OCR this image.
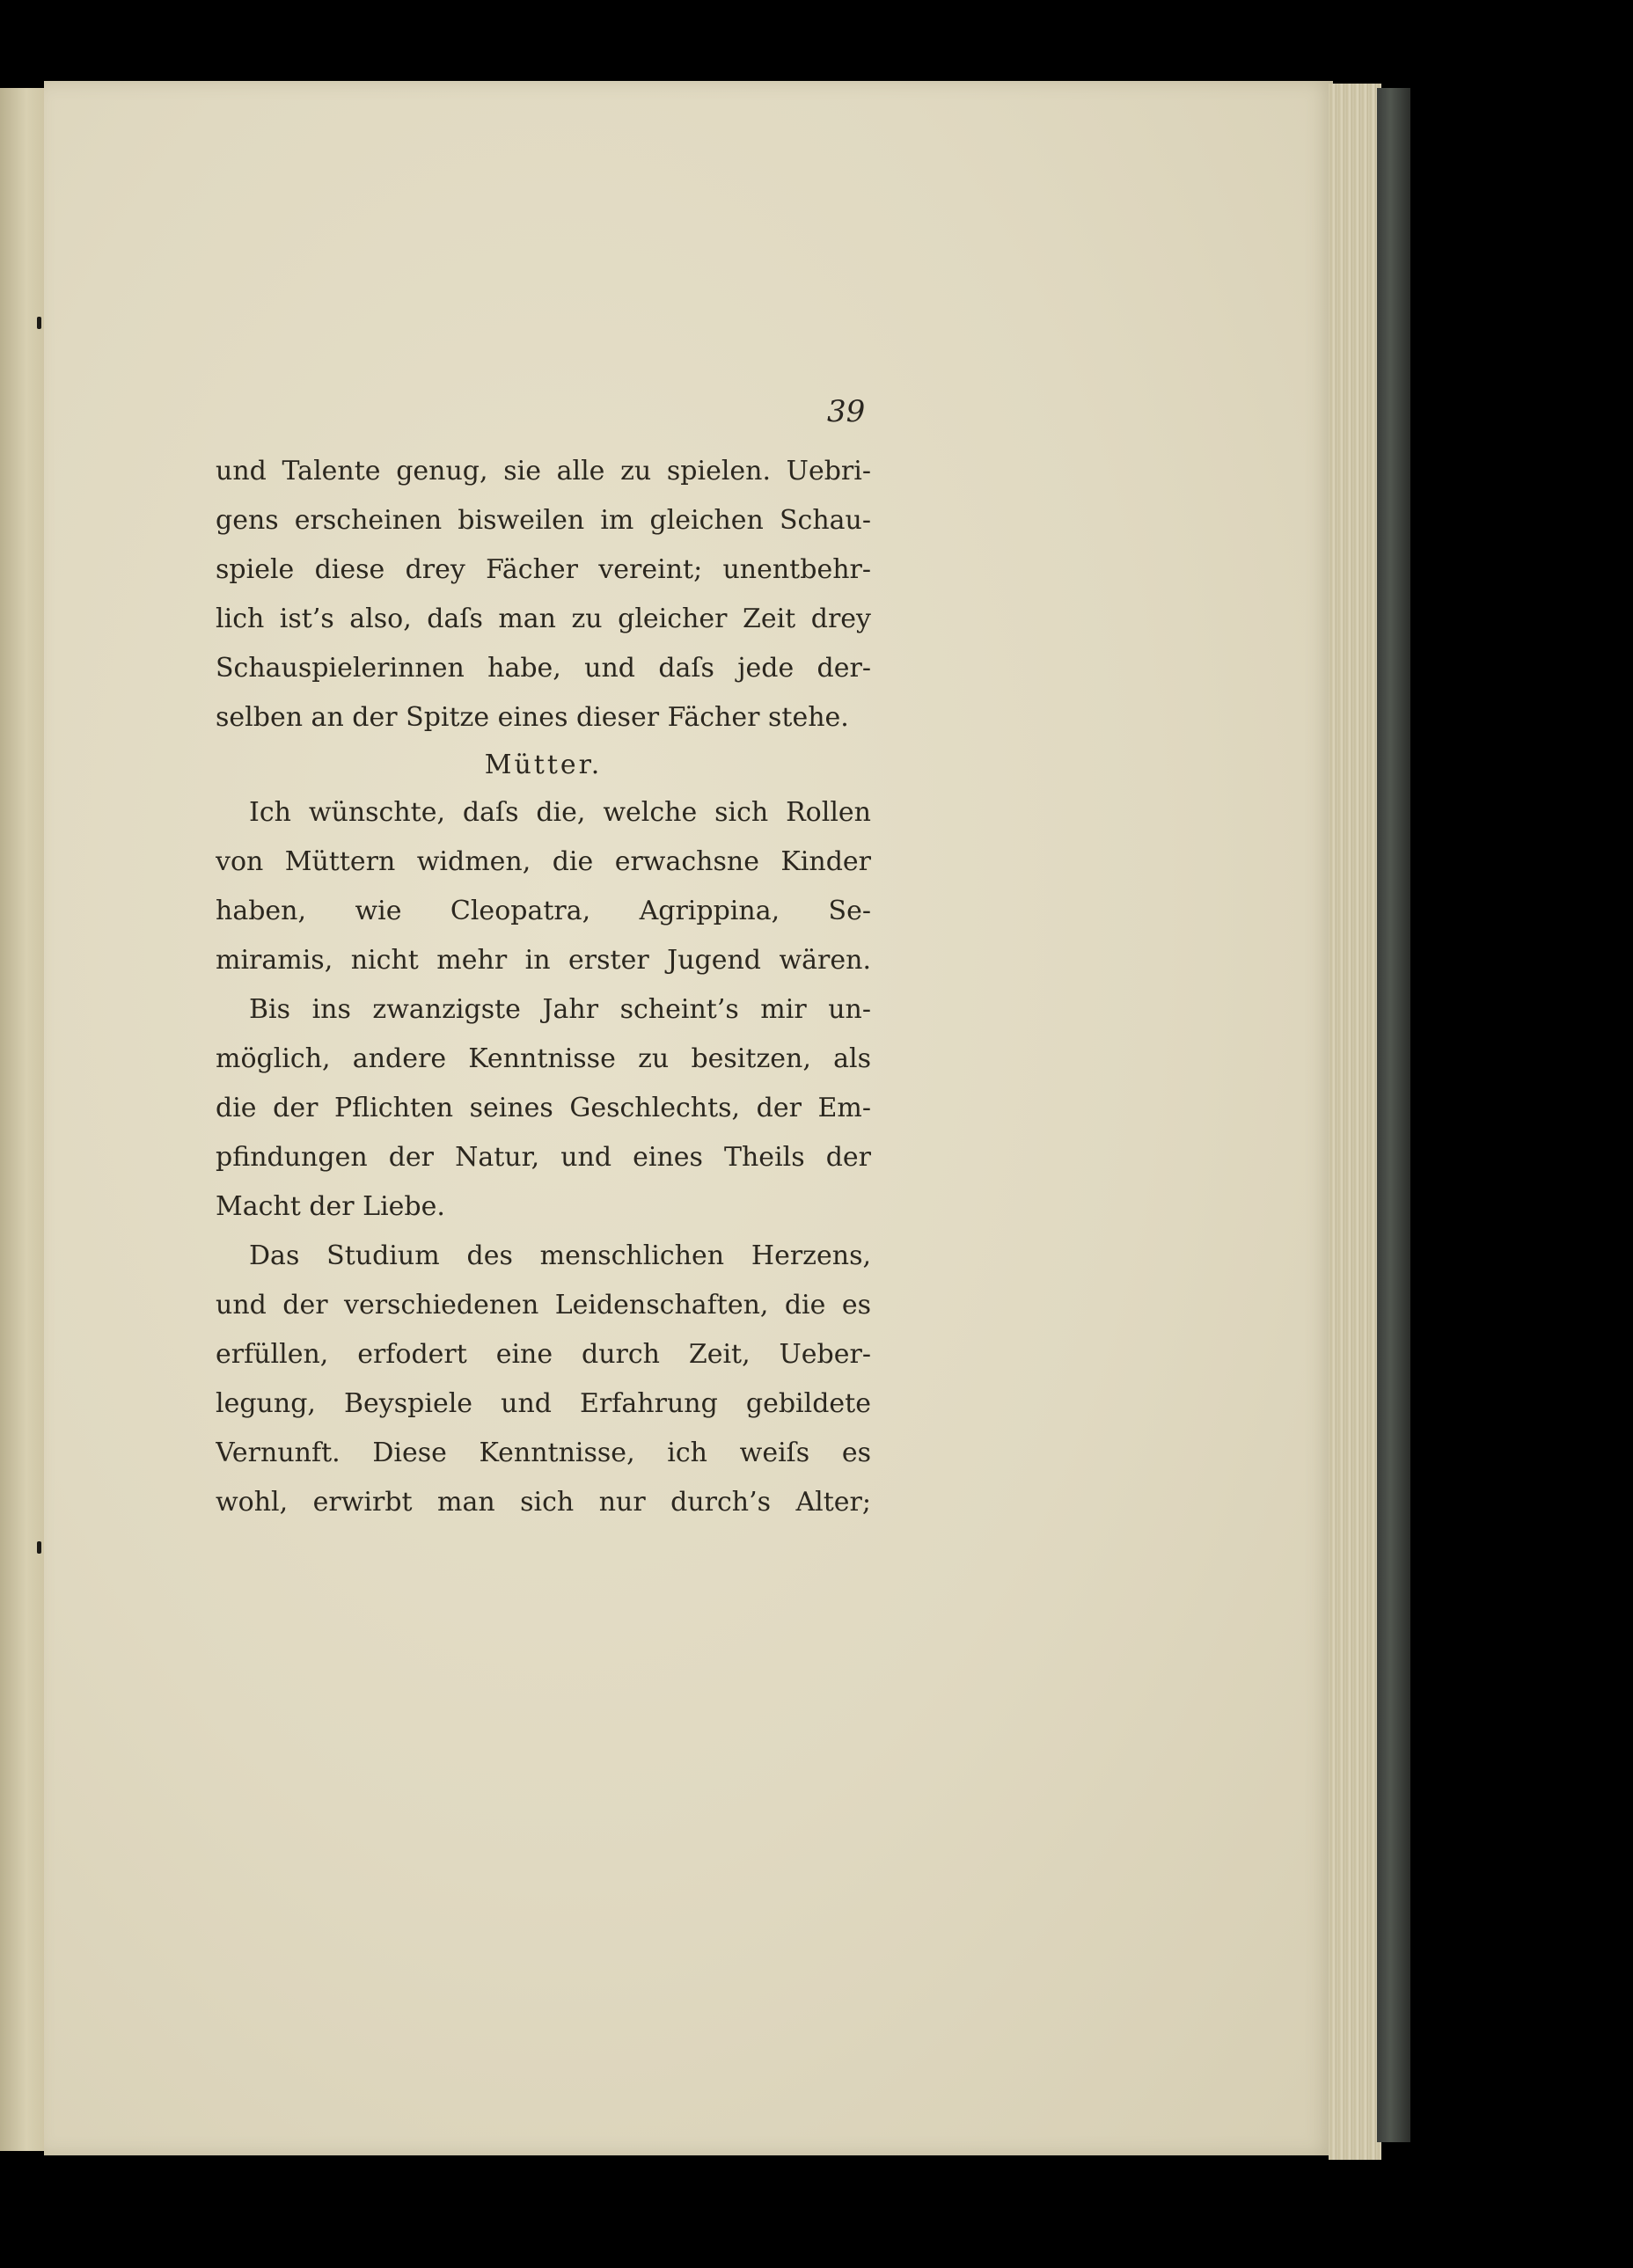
39
und Talente genug, sie alle zu spielen. Uebri-
gens erscheinen bisweilen im gleichen Schau-
spiele diese drey Fächer vereint; unentbehr-
lich ist’s also, daſs man zu gleicher Zeit drey
Schauspielerinnen habe, und daſs jede der-
selben an der Spitze eines dieser Fächer stehe.
Mütter.
Ich wünschte, daſs die, welche sich Rollen
von Müttern widmen, die erwachsne Kinder
haben, wie Cleopatra, Agrippina, Se-
miramis, nicht mehr in erster Jugend wären.
Bis ins zwanzigste Jahr scheint’s mir un-
möglich, andere Kenntnisse zu besitzen, als
die der Pflichten seines Geschlechts, der Em-
pfindungen der Natur, und eines Theils der
Macht der Liebe.
Das Studium des menschlichen Herzens,
und der verschiedenen Leidenschaften, die es
erfüllen, erfodert eine durch Zeit, Ueber-
legung, Beyspiele und Erfahrung gebildete
Vernunft. Diese Kenntnisse, ich weiſs es
wohl, erwirbt man sich nur durch’s Alter;
